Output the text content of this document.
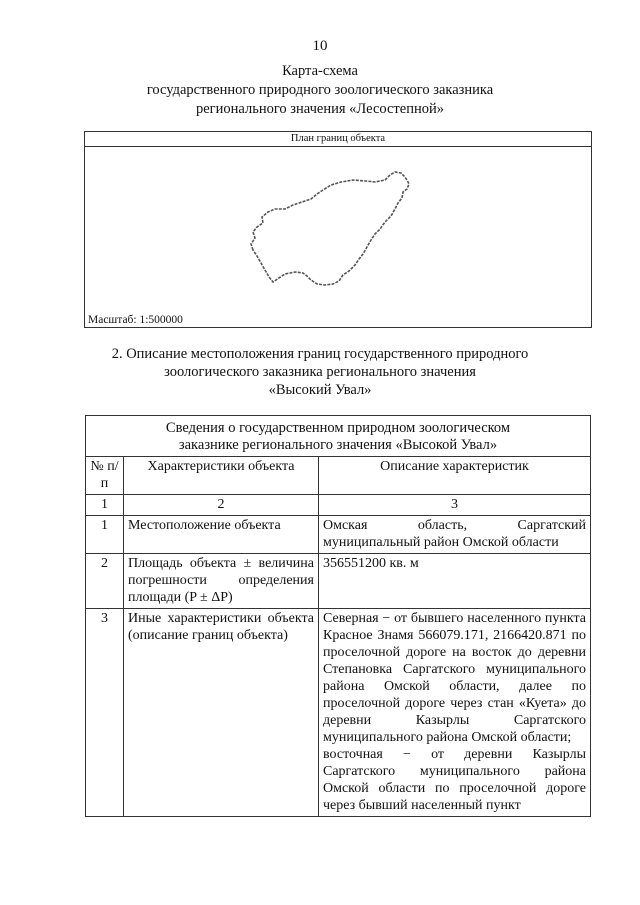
10
Карта-схема
государственного природного зоологического заказника
регионального значения «Лесостепной»
План границ объекта
Масштаб: 1:500000
2. Описание местоположения границ государственного природного
зоологического заказника регионального значения
«Высокий Увал»
Сведения о государственном природном зоологическом
заказнике регионального значения «Высокой Увал»		

№ п/п	Характеристики объекта	Описание характеристик
1	2	3
1	Местоположение объекта	Омская область, Саргатский муниципальный район Омской области
2	Площадь объекта ± величина погрешности определения площади (P ± ΔP)	356551200 кв. м
3	Иные характеристики объекта (описание границ объекта)	Северная − от бывшего населенного пункта Красное Знамя 566079.171, 2166420.871 по проселочной дороге на восток до деревни Степановка Саргатского муниципального района Омской области, далее по проселочной дороге через стан «Куета» до деревни Казырлы Саргатского муниципального района Омской области;

восточная − от деревни Казырлы Саргатского муниципального района Омской области по проселочной дороге через бывший населенный пункт
